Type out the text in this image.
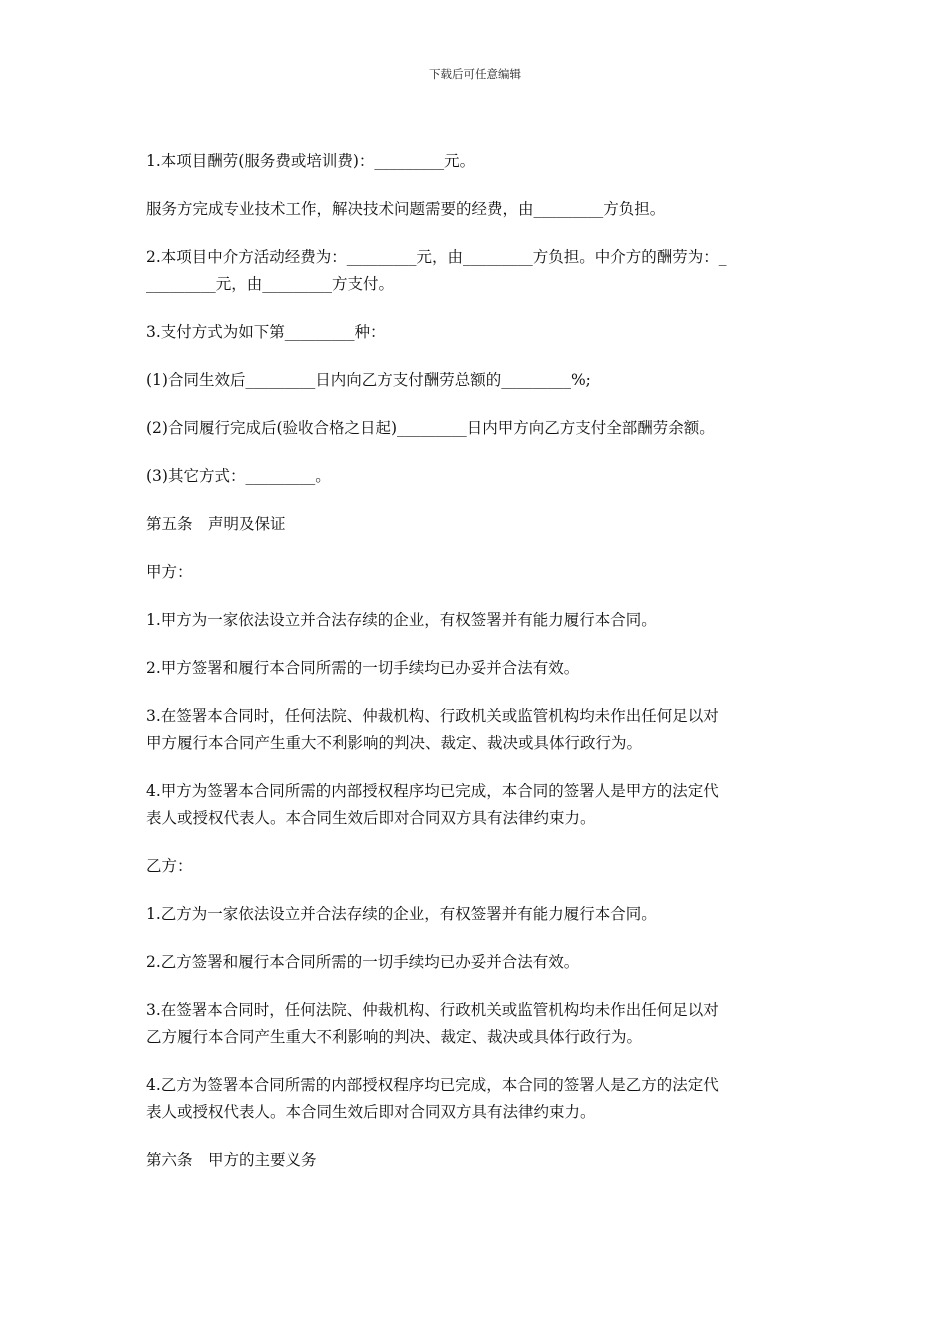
下载后可任意编辑

1.本项目酬劳(服务费或培训费)：_________元。

服务方完成专业技术工作，解决技术问题需要的经费，由_________方负担。

2.本项目中介方活动经费为：_________元，由_________方负担。中介方的酬劳为：_
_________元，由_________方支付。

3.支付方式为如下第_________种：

(1)合同生效后_________日内向乙方支付酬劳总额的_________%;

(2)合同履行完成后(验收合格之日起)_________日内甲方向乙方支付全部酬劳余额。

(3)其它方式：_________。

第五条　声明及保证

甲方：

1.甲方为一家依法设立并合法存续的企业，有权签署并有能力履行本合同。

2.甲方签署和履行本合同所需的一切手续均已办妥并合法有效。

3.在签署本合同时，任何法院、仲裁机构、行政机关或监管机构均未作出任何足以对
甲方履行本合同产生重大不利影响的判决、裁定、裁决或具体行政行为。

4.甲方为签署本合同所需的内部授权程序均已完成，本合同的签署人是甲方的法定代
表人或授权代表人。本合同生效后即对合同双方具有法律约束力。

乙方：

1.乙方为一家依法设立并合法存续的企业，有权签署并有能力履行本合同。

2.乙方签署和履行本合同所需的一切手续均已办妥并合法有效。

3.在签署本合同时，任何法院、仲裁机构、行政机关或监管机构均未作出任何足以对
乙方履行本合同产生重大不利影响的判决、裁定、裁决或具体行政行为。

4.乙方为签署本合同所需的内部授权程序均已完成，本合同的签署人是乙方的法定代
表人或授权代表人。本合同生效后即对合同双方具有法律约束力。

第六条　甲方的主要义务
